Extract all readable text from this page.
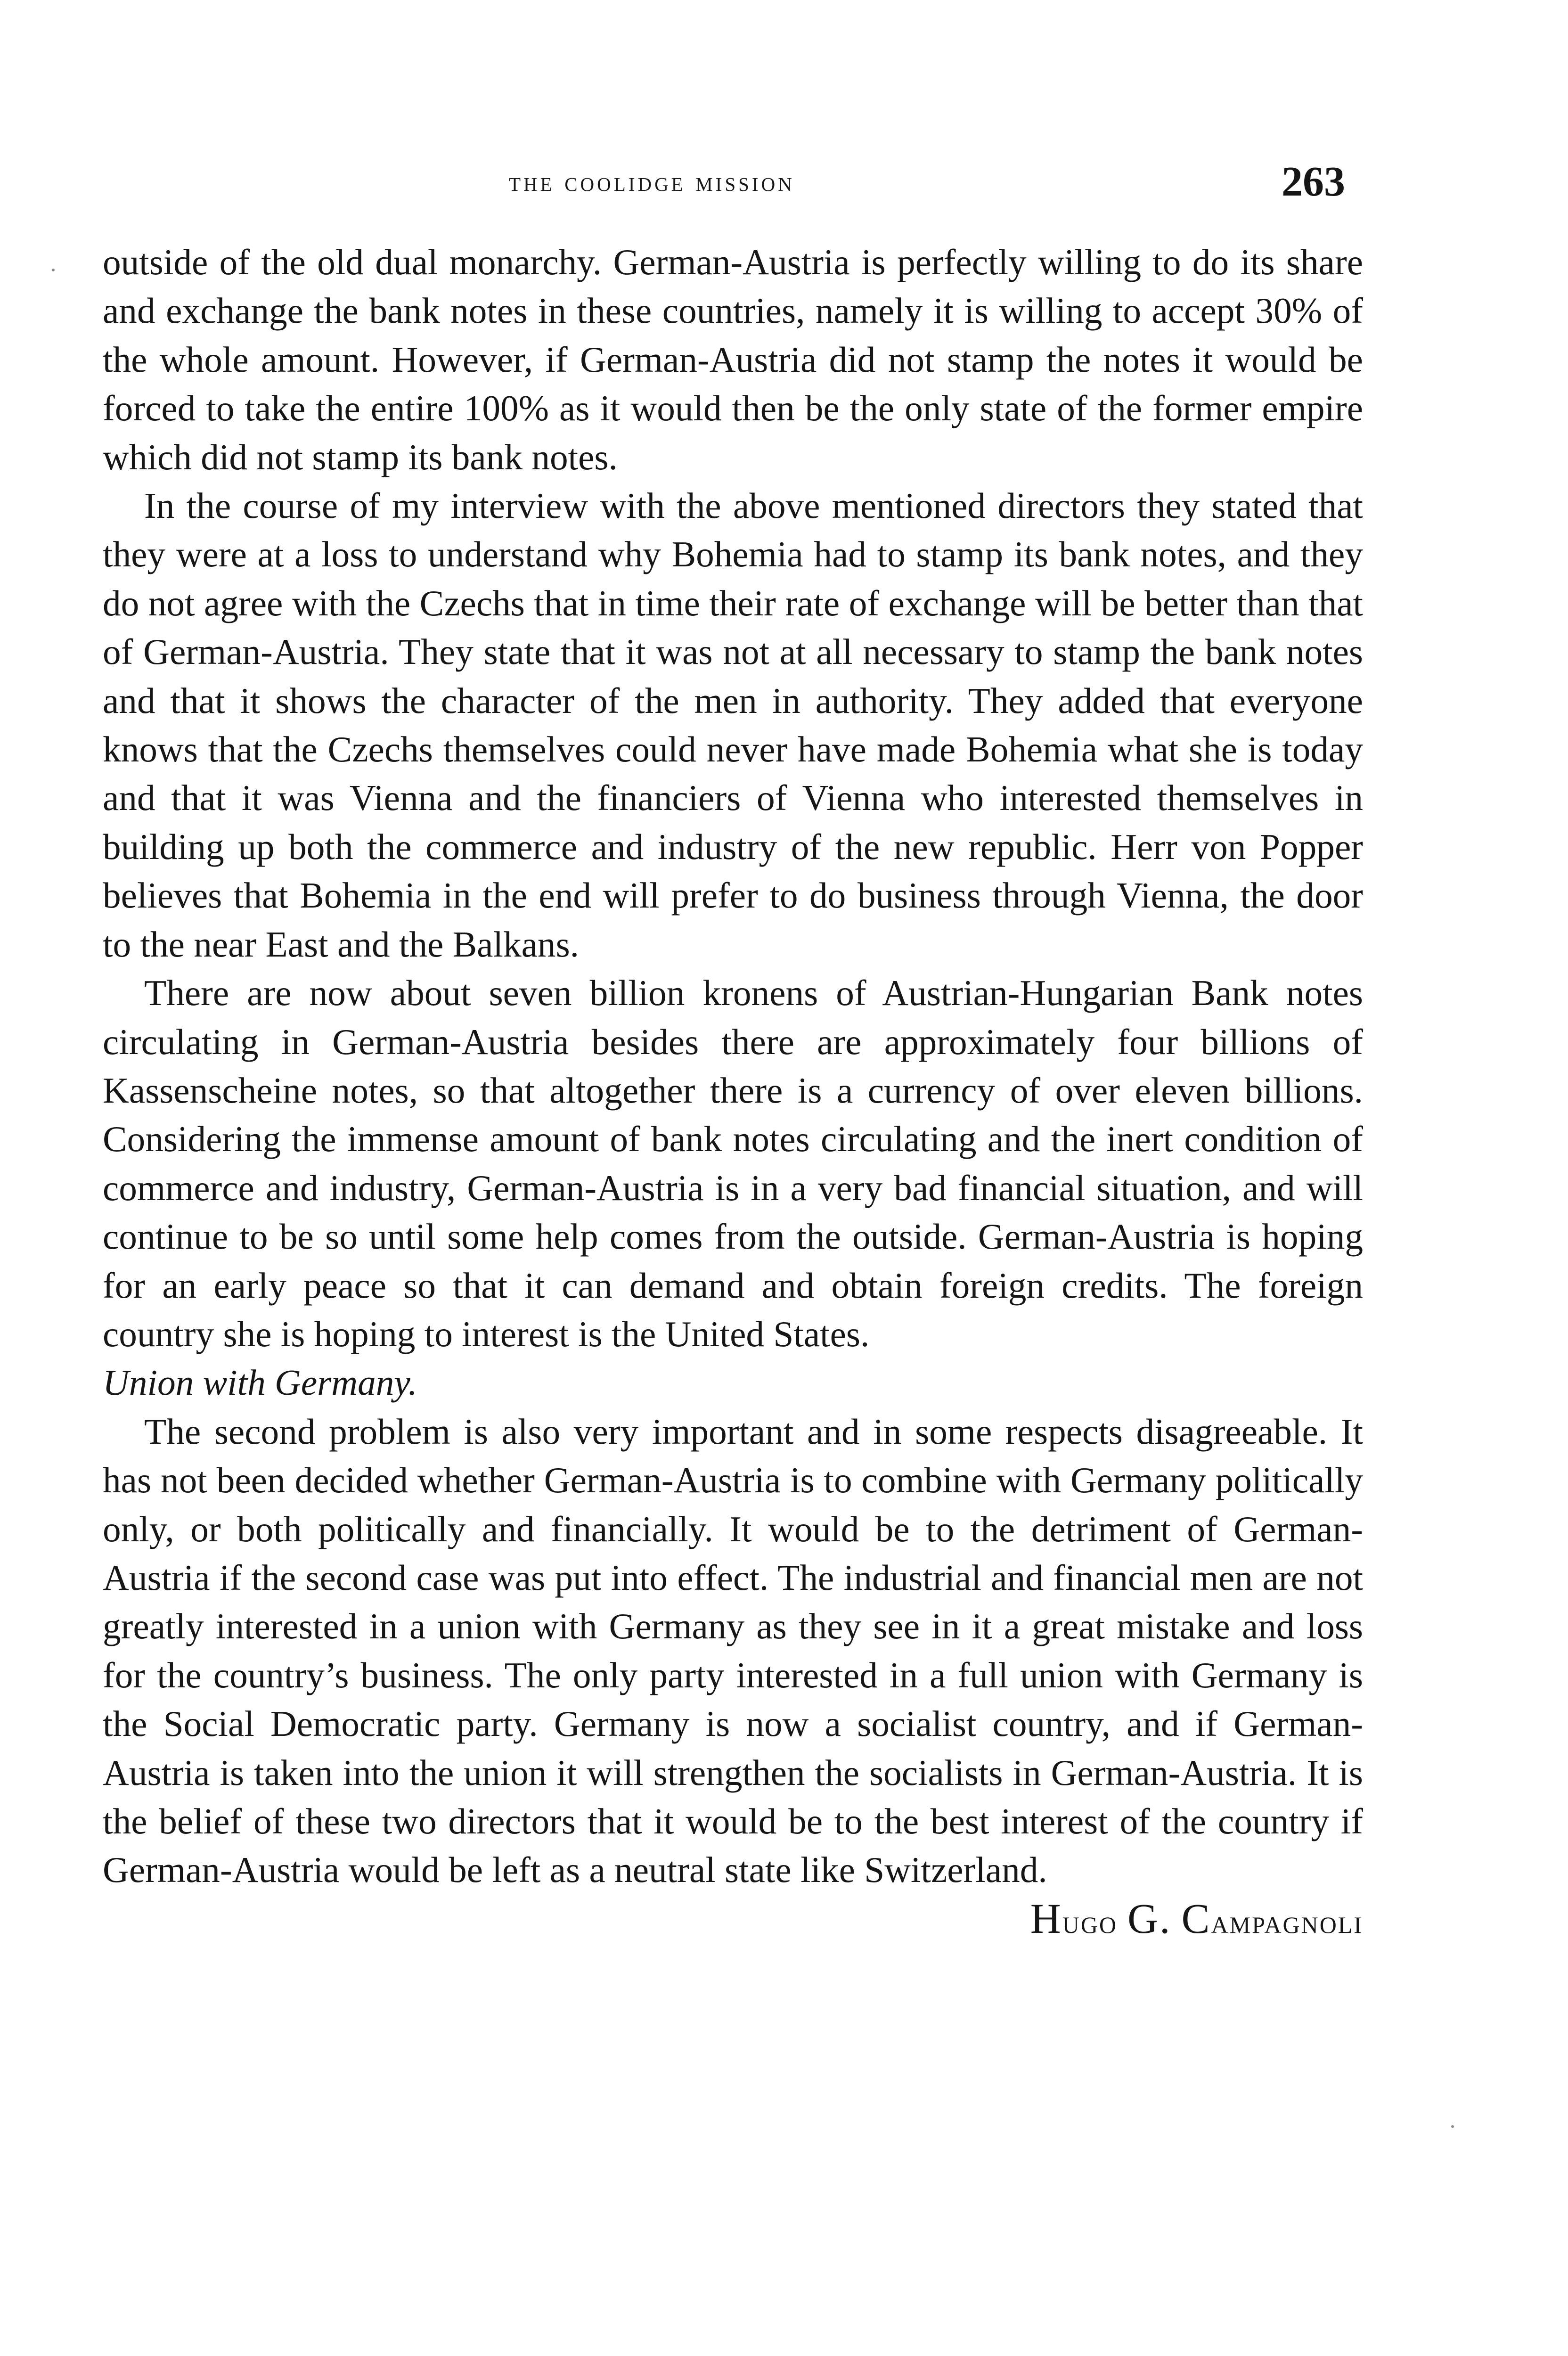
the coolidge mission	263

outside of the old dual monarchy. German-Austria is perfectly willing to do its share and exchange the bank notes in these countries, namely it is willing to accept 30% of the whole amount. However, if German-Austria did not stamp the notes it would be forced to take the entire 100% as it would then be the only state of the former empire which did not stamp its bank notes.

In the course of my interview with the above mentioned directors they stated that they were at a loss to understand why Bohemia had to stamp its bank notes, and they do not agree with the Czechs that in time their rate of exchange will be better than that of German-Austria. They state that it was not at all necessary to stamp the bank notes and that it shows the character of the men in authority. They added that everyone knows that the Czechs themselves could never have made Bohemia what she is today and that it was Vienna and the financiers of Vienna who interested themselves in building up both the commerce and industry of the new republic. Herr von Popper believes that Bohemia in the end will prefer to do business through Vienna, the door to the near East and the Balkans.

There are now about seven billion kronens of Austrian-Hungarian Bank notes circulating in German-Austria besides there are approximately four billions of Kassenscheine notes, so that altogether there is a currency of over eleven billions. Considering the immense amount of bank notes circulating and the inert condition of commerce and industry, German-Austria is in a very bad financial situation, and will continue to be so until some help comes from the outside. German-Austria is hoping for an early peace so that it can demand and obtain foreign credits. The foreign country she is hoping to interest is the United States.

Union with Germany.

The second problem is also very important and in some respects disagreeable. It has not been decided whether German-Austria is to combine with Germany politically only, or both politically and financially. It would be to the detriment of German-Austria if the second case was put into effect. The industrial and financial men are not greatly interested in a union with Germany as they see in it a great mistake and loss for the country’s business. The only party interested in a full union with Germany is the Social Democratic party. Germany is now a socialist country, and if German-Austria is taken into the union it will strengthen the socialists in German-Austria. It is the belief of these two directors that it would be to the best interest of the country if German-Austria would be left as a neutral state like Switzerland.

Hugo G. Campagnoli
